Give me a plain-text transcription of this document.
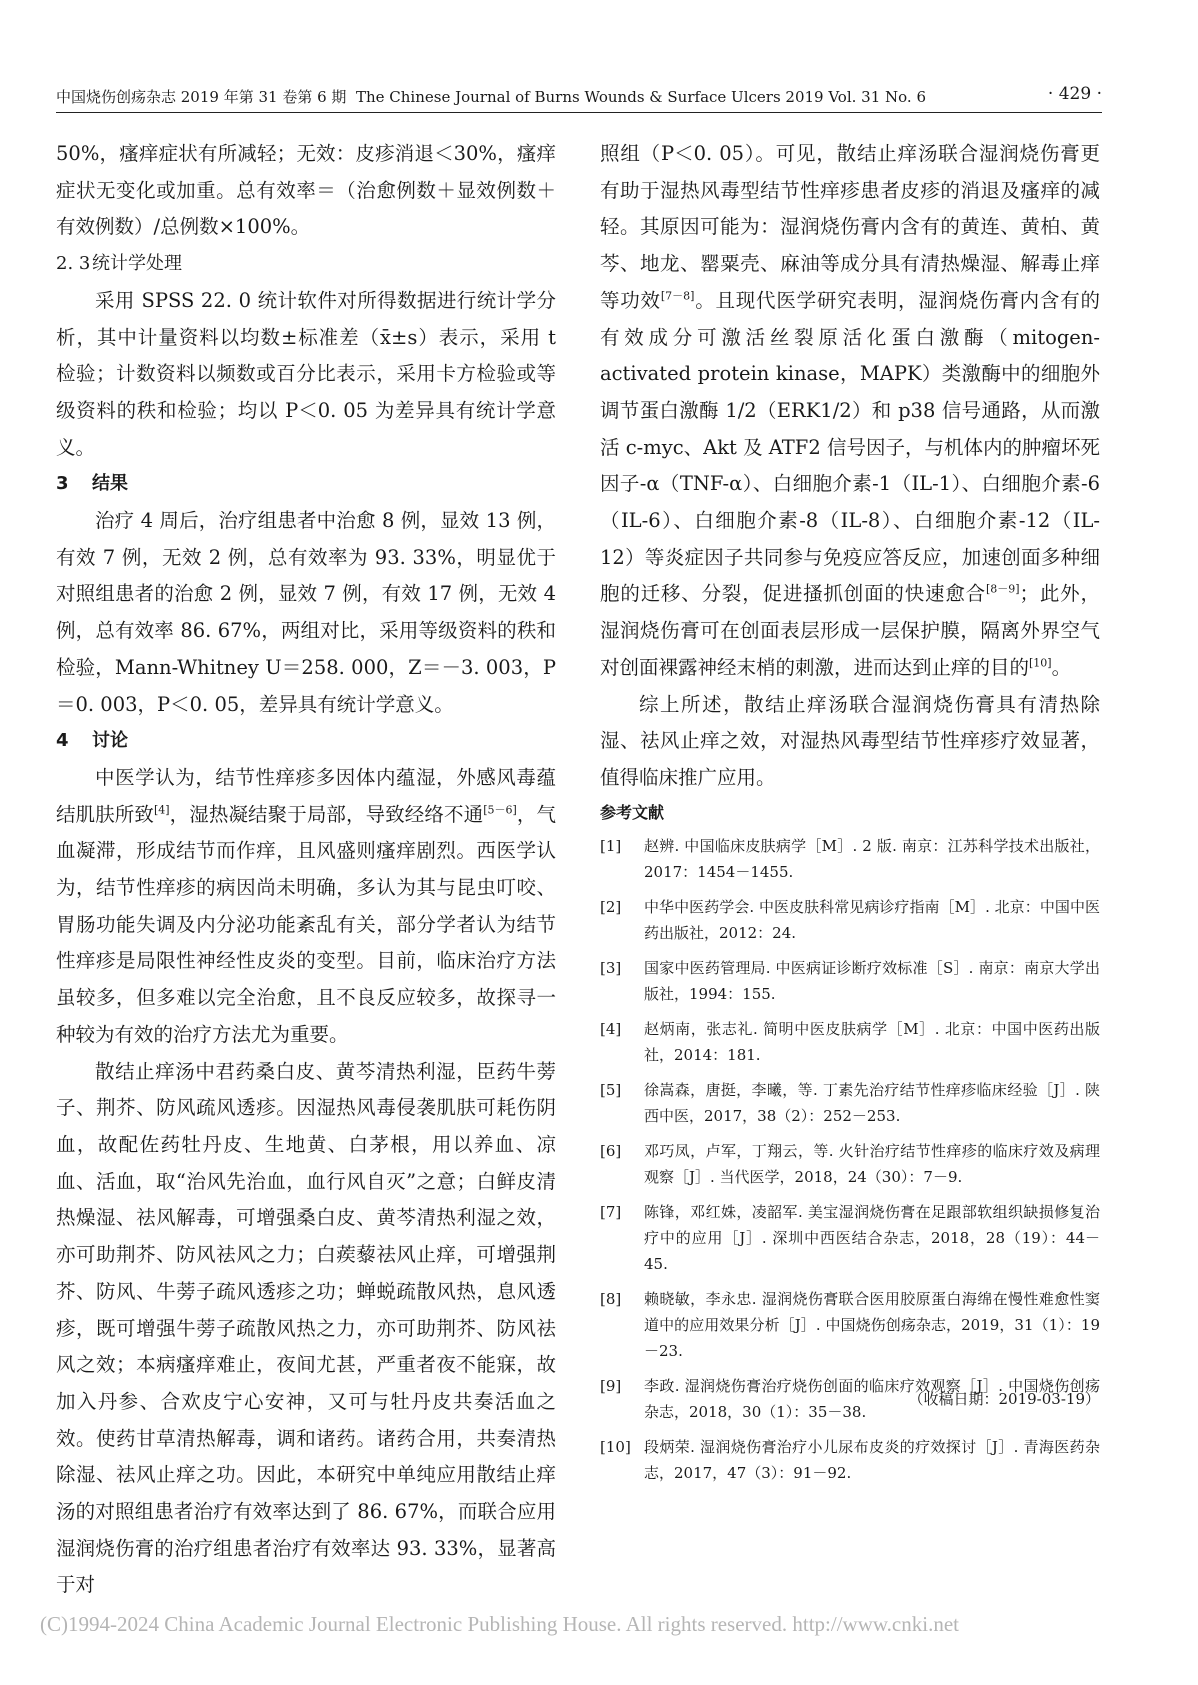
中国烧伤创疡杂志 2019 年第 31 卷第 6 期 The Chinese Journal of Burns Wounds & Surface Ulcers 2019 Vol. 31 No. 6	· 429 ·

50%，瘙痒症状有所减轻；无效：皮疹消退＜30%，瘙痒症状无变化或加重。总有效率＝（治愈例数＋显效例数＋有效例数）/总例数×100%。

2. 3统计学处理

采用 SPSS 22. 0 统计软件对所得数据进行统计学分析，其中计量资料以均数±标准差（x̄±s）表示，采用 t 检验；计数资料以频数或百分比表示，采用卡方检验或等级资料的秩和检验；均以 P＜0. 05 为差异具有统计学意义。

3 结果

治疗 4 周后，治疗组患者中治愈 8 例，显效 13 例，有效 7 例，无效 2 例，总有效率为 93. 33%，明显优于对照组患者的治愈 2 例，显效 7 例，有效 17 例，无效 4 例，总有效率 86. 67%，两组对比，采用等级资料的秩和检验，Mann-Whitney U＝258. 000，Z＝－3. 003，P＝0. 003，P＜0. 05，差异具有统计学意义。

4 讨论

中医学认为，结节性痒疹多因体内蕴湿，外感风毒蕴结肌肤所致[4]，湿热凝结聚于局部，导致经络不通[5－6]，气血凝滞，形成结节而作痒，且风盛则瘙痒剧烈。西医学认为，结节性痒疹的病因尚未明确，多认为其与昆虫叮咬、胃肠功能失调及内分泌功能紊乱有关，部分学者认为结节性痒疹是局限性神经性皮炎的变型。目前，临床治疗方法虽较多，但多难以完全治愈，且不良反应较多，故探寻一种较为有效的治疗方法尤为重要。

散结止痒汤中君药桑白皮、黄芩清热利湿，臣药牛蒡子、荆芥、防风疏风透疹。因湿热风毒侵袭肌肤可耗伤阴血，故配佐药牡丹皮、生地黄、白茅根，用以养血、凉血、活血，取“治风先治血，血行风自灭”之意；白鲜皮清热燥湿、祛风解毒，可增强桑白皮、黄芩清热利湿之效，亦可助荆芥、防风祛风之力；白蒺藜祛风止痒，可增强荆芥、防风、牛蒡子疏风透疹之功；蝉蜕疏散风热，息风透疹，既可增强牛蒡子疏散风热之力，亦可助荆芥、防风祛风之效；本病瘙痒难止，夜间尤甚，严重者夜不能寐，故加入丹参、合欢皮宁心安神，又可与牡丹皮共奏活血之效。使药甘草清热解毒，调和诸药。诸药合用，共奏清热除湿、祛风止痒之功。因此，本研究中单纯应用散结止痒汤的对照组患者治疗有效率达到了 86. 67%，而联合应用湿润烧伤膏的治疗组患者治疗有效率达 93. 33%，显著高于对

照组（P＜0. 05）。可见，散结止痒汤联合湿润烧伤膏更有助于湿热风毒型结节性痒疹患者皮疹的消退及瘙痒的减轻。其原因可能为：湿润烧伤膏内含有的黄连、黄柏、黄芩、地龙、罂粟壳、麻油等成分具有清热燥湿、解毒止痒等功效[7－8]。且现代医学研究表明，湿润烧伤膏内含有的有效成分可激活丝裂原活化蛋白激酶（mitogen-activated protein kinase，MAPK）类激酶中的细胞外调节蛋白激酶 1/2（ERK1/2）和 p38 信号通路，从而激活 c-myc、Akt 及 ATF2 信号因子，与机体内的肿瘤坏死因子-α（TNF-α）、白细胞介素-1（IL-1）、白细胞介素-6（IL-6）、白细胞介素-8（IL-8）、白细胞介素-12（IL-12）等炎症因子共同参与免疫应答反应，加速创面多种细胞的迁移、分裂，促进搔抓创面的快速愈合[8－9]；此外，湿润烧伤膏可在创面表层形成一层保护膜，隔离外界空气对创面裸露神经末梢的刺激，进而达到止痒的目的[10]。

综上所述，散结止痒汤联合湿润烧伤膏具有清热除湿、祛风止痒之效，对湿热风毒型结节性痒疹疗效显著，值得临床推广应用。

参考文献
[1]	赵辨. 中国临床皮肤病学［M］. 2 版. 南京：江苏科学技术出版社，2017：1454－1455.
[2]	中华中医药学会. 中医皮肤科常见病诊疗指南［M］. 北京：中国中医药出版社，2012：24.
[3]	国家中医药管理局. 中医病证诊断疗效标准［S］. 南京：南京大学出版社，1994：155.
[4]	赵炳南，张志礼. 简明中医皮肤病学［M］. 北京：中国中医药出版社，2014：181.
[5]	徐嵩森，唐挺，李曦，等. 丁素先治疗结节性痒疹临床经验［J］. 陕西中医，2017，38（2）：252－253.
[6]	邓巧凤，卢军，丁翔云，等. 火针治疗结节性痒疹的临床疗效及病理观察［J］. 当代医学，2018，24（30）：7－9.
[7]	陈锋，邓红姝，凌韶军. 美宝湿润烧伤膏在足跟部软组织缺损修复治疗中的应用［J］. 深圳中西医结合杂志，2018，28（19）：44－45.
[8]	赖晓敏，李永忠. 湿润烧伤膏联合医用胶原蛋白海绵在慢性难愈性窦道中的应用效果分析［J］. 中国烧伤创疡杂志，2019，31（1）：19－23.
[9]	李政. 湿润烧伤膏治疗烧伤创面的临床疗效观察［J］. 中国烧伤创疡杂志，2018，30（1）：35－38.
[10] 段炳荣. 湿润烧伤膏治疗小儿尿布皮炎的疗效探讨［J］. 青海医药杂志，2017，47（3）：91－92.
（收稿日期：2019-03-19）
(C)1994-2024 China Academic Journal Electronic Publishing House. All rights reserved. http://www.cnki.net
